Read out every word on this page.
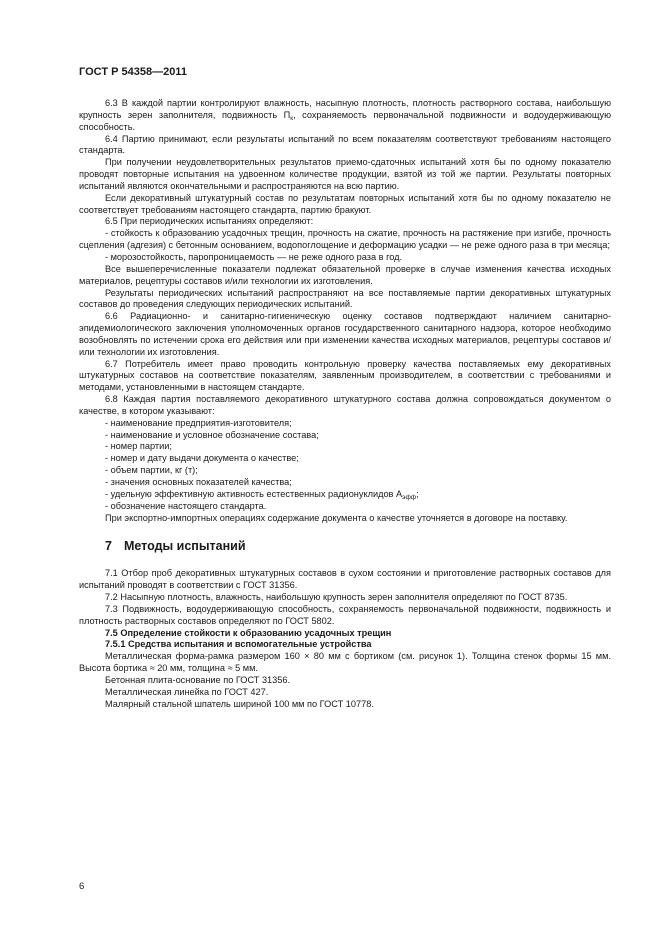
ГОСТ Р 54358—2011

6.3 В каждой партии контролируют влажность, насыпную плотность, плотность растворного состава, наибольшую крупность зерен заполнителя, подвижность $П_к$, сохраняемость первоначальной подвижности и водоудерживающую способность.

6.4 Партию принимают, если результаты испытаний по всем показателям соответствуют требованиям настоящего стандарта.

При получении неудовлетворительных результатов приемо-сдаточных испытаний хотя бы по одному показателю проводят повторные испытания на удвоенном количестве продукции, взятой из той же партии. Результаты повторных испытаний являются окончательными и распространяются на всю партию.

Если декоративный штукатурный состав по результатам повторных испытаний хотя бы по одному показателю не соответствует требованиям настоящего стандарта, партию бракуют.

6.5 При периодических испытаниях определяют:

- стойкость к образованию усадочных трещин, прочность на сжатие, прочность на растяжение при изгибе, прочность сцепления (адгезия) с бетонным основанием, водопоглощение и деформацию усадки — не реже одного раза в три месяца;

- морозостойкость, паропроницаемость — не реже одного раза в год.

Все вышеперечисленные показатели подлежат обязательной проверке в случае изменения качества исходных материалов, рецептуры составов и/или технологии их изготовления.

Результаты периодических испытаний распространяют на все поставляемые партии декоративных штукатурных составов до проведения следующих периодических испытаний.

6.6 Радиационно- и санитарно-гигиеническую оценку составов подтверждают наличием санитарно-эпидемиологического заключения уполномоченных органов государственного санитарного надзора, которое необходимо возобновлять по истечении срока его действия или при изменении качества исходных материалов, рецептуры составов и/или технологии их изготовления.

6.7 Потребитель имеет право проводить контрольную проверку качества поставляемых ему декоративных штукатурных составов на соответствие показателям, заявленным производителем, в соответствии с требованиями и методами, установленными в настоящем стандарте.

6.8 Каждая партия поставляемого декоративного штукатурного состава должна сопровождаться документом о качестве, в котором указывают:

- наименование предприятия-изготовителя;

- наименование и условное обозначение состава;

- номер партии;

- номер и дату выдачи документа о качестве;

- объем партии, кг (т);

- значения основных показателей качества;

- удельную эффективную активность естественных радионуклидов $А_{эфф}$;

- обозначение настоящего стандарта.

При экспортно-импортных операциях содержание документа о качестве уточняется в договоре на поставку.

7 Методы испытаний

7.1 Отбор проб декоративных штукатурных составов в сухом состоянии и приготовление растворных составов для испытаний проводят в соответствии с ГОСТ 31356.

7.2 Насыпную плотность, влажность, наибольшую крупность зерен заполнителя определяют по ГОСТ 8735.

7.3 Подвижность, водоудерживающую способность, сохраняемость первоначальной подвижности, подвижность и плотность растворных составов определяют по ГОСТ 5802.

7.5 Определение стойкости к образованию усадочных трещин

7.5.1 Средства испытания и вспомогательные устройства

Металлическая форма-рамка размером 160 × 80 мм с бортиком (см. рисунок 1). Толщина стенок формы 15 мм. Высота бортика ≈ 20 мм, толщина ≈ 5 мм.

Бетонная плита-основание по ГОСТ 31356.

Металлическая линейка по ГОСТ 427.

Малярный стальной шпатель шириной 100 мм по ГОСТ 10778.

6
